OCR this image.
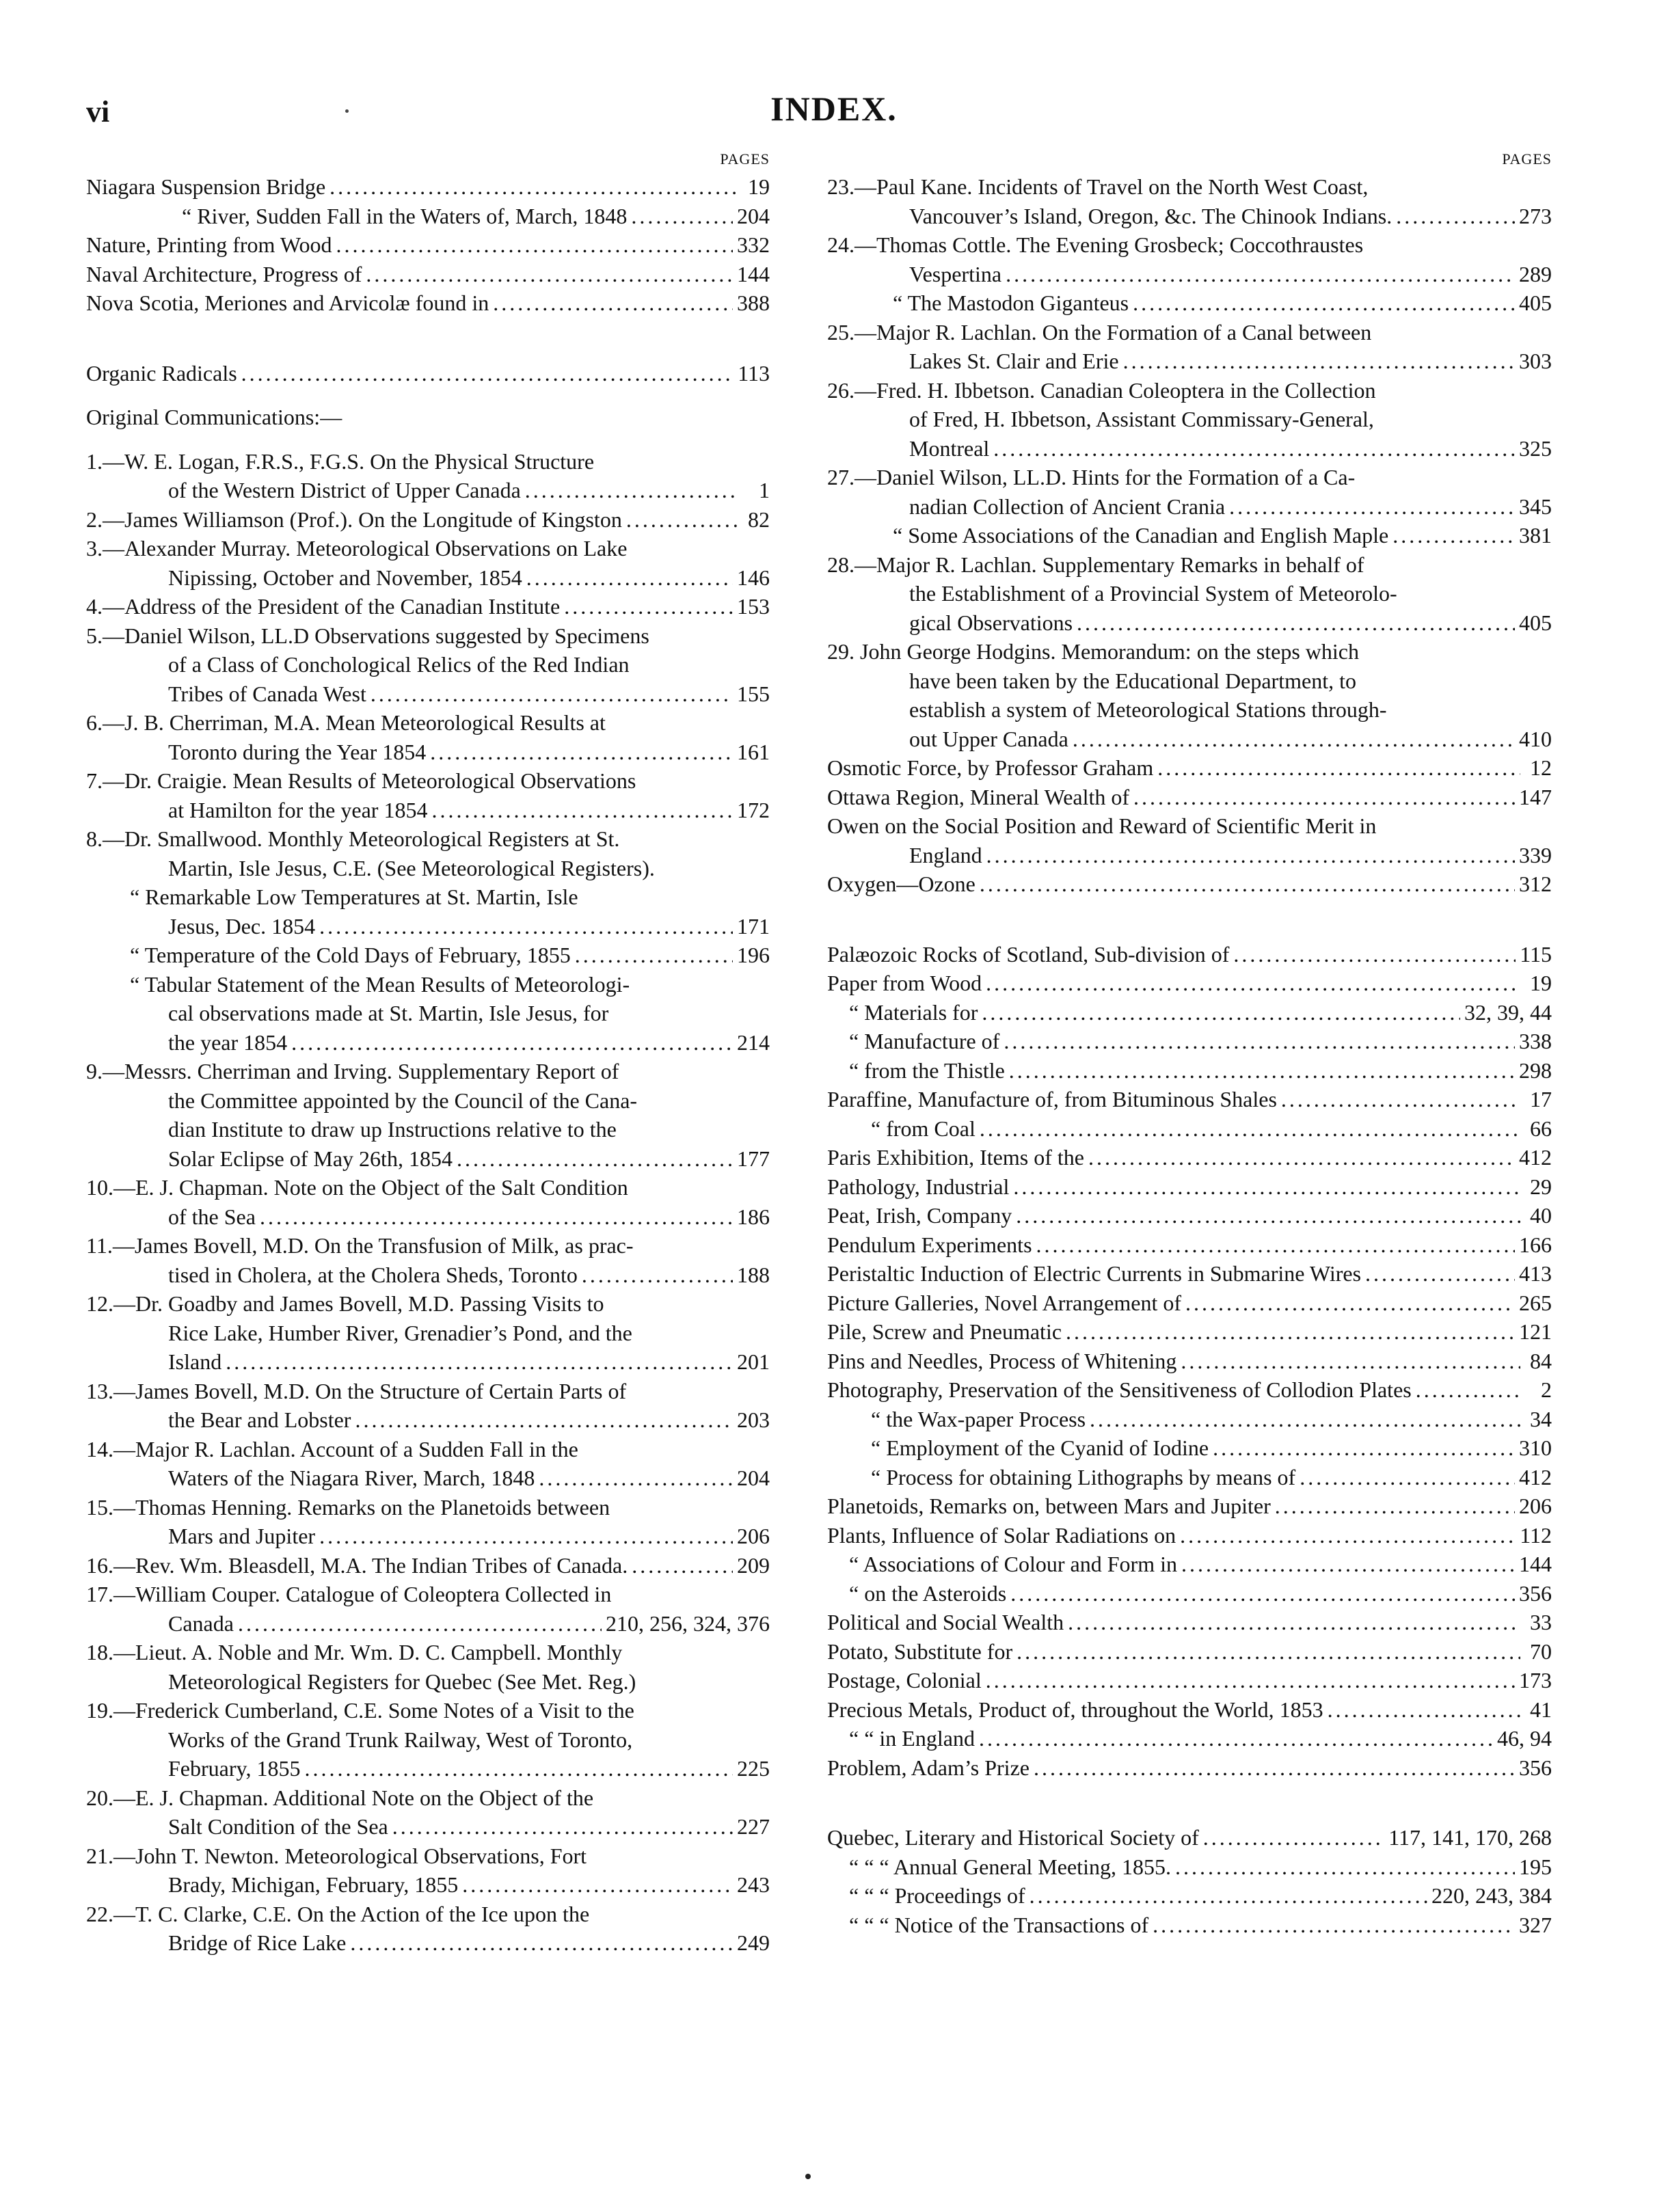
vi	INDEX.
PAGES
Niagara Suspension Bridge . . .	19
“ River, Sudden Fall in the Waters of, March, 1848 . . .	204
Nature, Printing from Wood . . .	332
Naval Architecture, Progress of . . .	144
Nova Scotia, Meriones and Arvicolæ found in . . .	388
Organic Radicals . . .	113
Original Communications:—
1.—W. E. Logan, F.R.S., F.G.S. On the Physical Structure
of the Western District of Upper Canada . . .	1
2.—James Williamson (Prof.). On the Longitude of Kingston . . .	82
3.—Alexander Murray. Meteorological Observations on Lake
Nipissing, October and November, 1854 . . .	146
4.—Address of the President of the Canadian Institute . . .	153
5.—Daniel Wilson, LL.D Observations suggested by Specimens
of a Class of Conchological Relics of the Red Indian
Tribes of Canada West . . .	155
6.—J. B. Cherriman, M.A. Mean Meteorological Results at
Toronto during the Year 1854 . . .	161
7.—Dr. Craigie. Mean Results of Meteorological Observations
at Hamilton for the year 1854 . . .	172
8.—Dr. Smallwood. Monthly Meteorological Registers at St.
Martin, Isle Jesus, C.E. (See Meteorological Registers).
“ Remarkable Low Temperatures at St. Martin, Isle
Jesus, Dec. 1854 . . .	171
“ Temperature of the Cold Days of February, 1855 . . .	196
“ Tabular Statement of the Mean Results of Meteorologi-
cal observations made at St. Martin, Isle Jesus, for
the year 1854 . . .	214
9.—Messrs. Cherriman and Irving. Supplementary Report of
the Committee appointed by the Council of the Cana-
dian Institute to draw up Instructions relative to the
Solar Eclipse of May 26th, 1854 . . .	177
10.—E. J. Chapman. Note on the Object of the Salt Condition
of the Sea . . .	186
11.—James Bovell, M.D. On the Transfusion of Milk, as prac-
tised in Cholera, at the Cholera Sheds, Toronto . . .	188
12.—Dr. Goadby and James Bovell, M.D. Passing Visits to
Rice Lake, Humber River, Grenadier’s Pond, and the
Island . . .	201
13.—James Bovell, M.D. On the Structure of Certain Parts of
the Bear and Lobster . . .	203
14.—Major R. Lachlan. Account of a Sudden Fall in the
Waters of the Niagara River, March, 1848 . . .	204
15.—Thomas Henning. Remarks on the Planetoids between
Mars and Jupiter . . .	206
16.—Rev. Wm. Bleasdell, M.A. The Indian Tribes of Canada. . . .	209
17.—William Couper. Catalogue of Coleoptera Collected in
Canada . . .	210, 256, 324, 376
18.—Lieut. A. Noble and Mr. Wm. D. C. Campbell. Monthly
Meteorological Registers for Quebec (See Met. Reg.)
19.—Frederick Cumberland, C.E. Some Notes of a Visit to the
Works of the Grand Trunk Railway, West of Toronto,
February, 1855 . . .	225
20.—E. J. Chapman. Additional Note on the Object of the
Salt Condition of the Sea . . .	227
21.—John T. Newton. Meteorological Observations, Fort
Brady, Michigan, February, 1855 . . .	243
22.—T. C. Clarke, C.E. On the Action of the Ice upon the
Bridge of Rice Lake . . .	249
PAGES
23.—Paul Kane. Incidents of Travel on the North West Coast,
Vancouver’s Island, Oregon, &c. The Chinook Indians. . . .	273
24.—Thomas Cottle. The Evening Grosbeck; Coccothraustes
Vespertina . . .	289
“ The Mastodon Giganteus . . .	405
25.—Major R. Lachlan. On the Formation of a Canal between
Lakes St. Clair and Erie . . .	303
26.—Fred. H. Ibbetson. Canadian Coleoptera in the Collection
of Fred, H. Ibbetson, Assistant Commissary-General,
Montreal . . .	325
27.—Daniel Wilson, LL.D. Hints for the Formation of a Ca-
nadian Collection of Ancient Crania . . .	345
“ Some Associations of the Canadian and English Maple . . .	381
28.—Major R. Lachlan. Supplementary Remarks in behalf of
the Establishment of a Provincial System of Meteorolo-
gical Observations . . .	405
29. John George Hodgins. Memorandum: on the steps which
have been taken by the Educational Department, to
establish a system of Meteorological Stations through-
out Upper Canada . . .	410
Osmotic Force, by Professor Graham . . .	12
Ottawa Region, Mineral Wealth of . . .	147
Owen on the Social Position and Reward of Scientific Merit in
England . . .	339
Oxygen—Ozone . . .	312
Palæozoic Rocks of Scotland, Sub-division of . . .	115
Paper from Wood . . .	19
“ Materials for . . .	32, 39, 44
“ Manufacture of . . .	338
“ from the Thistle . . .	298
Paraffine, Manufacture of, from Bituminous Shales . . .	17
“ from Coal . . .	66
Paris Exhibition, Items of the . . .	412
Pathology, Industrial . . .	29
Peat, Irish, Company . . .	40
Pendulum Experiments . . .	166
Peristaltic Induction of Electric Currents in Submarine Wires . . .	413
Picture Galleries, Novel Arrangement of . . .	265
Pile, Screw and Pneumatic . . .	121
Pins and Needles, Process of Whitening . . .	84
Photography, Preservation of the Sensitiveness of Collodion Plates . . .	2
“ the Wax-paper Process . . .	34
“ Employment of the Cyanid of Iodine . . .	310
“ Process for obtaining Lithographs by means of . . .	412
Planetoids, Remarks on, between Mars and Jupiter . . .	206
Plants, Influence of Solar Radiations on . . .	112
“ Associations of Colour and Form in . . .	144
“ on the Asteroids . . .	356
Political and Social Wealth . . .	33
Potato, Substitute for . . .	70
Postage, Colonial . . .	173
Precious Metals, Product of, throughout the World, 1853 . . .	41
“ “ in England . . .	46, 94
Problem, Adam’s Prize . . .	356
Quebec, Literary and Historical Society of . . .	117, 141, 170, 268
“ “ “ Annual General Meeting, 1855. . . .	195
“ “ “ Proceedings of . . .	220, 243, 384
“ “ “ Notice of the Transactions of . . .	327
